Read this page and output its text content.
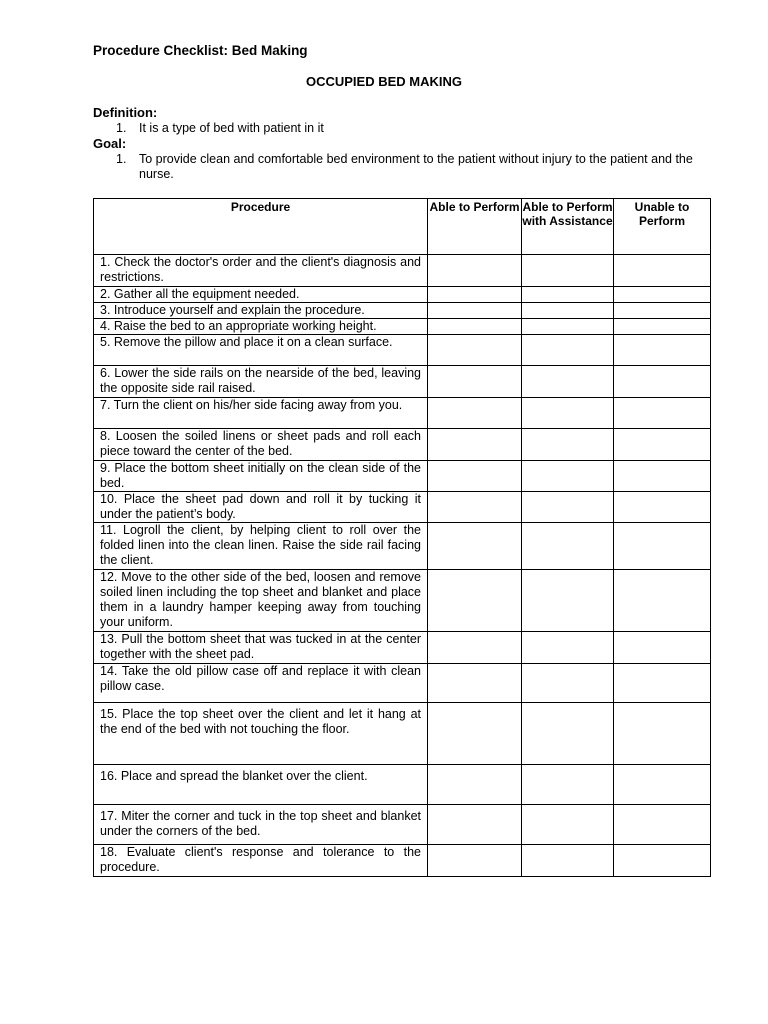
Procedure Checklist: Bed Making
OCCUPIED BED MAKING
Definition:
1. It is a type of bed with patient in it
Goal:
1. To provide clean and comfortable bed environment to the patient without injury to the patient and the nurse.
Procedure	Able to Perform	Able to Perform with Assistance	Unable to Perform
1. Check the doctor's order and the client's diagnosis and restrictions.			
2. Gather all the equipment needed.			
3. Introduce yourself and explain the procedure.			
4. Raise the bed to an appropriate working height.			
5. Remove the pillow and place it on a clean surface.			
6. Lower the side rails on the nearside of the bed, leaving the opposite side rail raised.			
7. Turn the client on his/her side facing away from you.			
8. Loosen the soiled linens or sheet pads and roll each piece toward the center of the bed.			
9. Place the bottom sheet initially on the clean side of the bed.			
10. Place the sheet pad down and roll it by tucking it under the patient’s body.			
11. Logroll the client, by helping client to roll over the folded linen into the clean linen. Raise the side rail facing the client.			
12. Move to the other side of the bed, loosen and remove soiled linen including the top sheet and blanket and place them in a laundry hamper keeping away from touching your uniform.			
13. Pull the bottom sheet that was tucked in at the center together with the sheet pad.			
14. Take the old pillow case off and replace it with clean pillow case.			
15. Place the top sheet over the client and let it hang at the end of the bed with not touching the floor.			
16. Place and spread the blanket over the client.			
17. Miter the corner and tuck in the top sheet and blanket under the corners of the bed.			
18. Evaluate client's response and tolerance to the procedure.			
